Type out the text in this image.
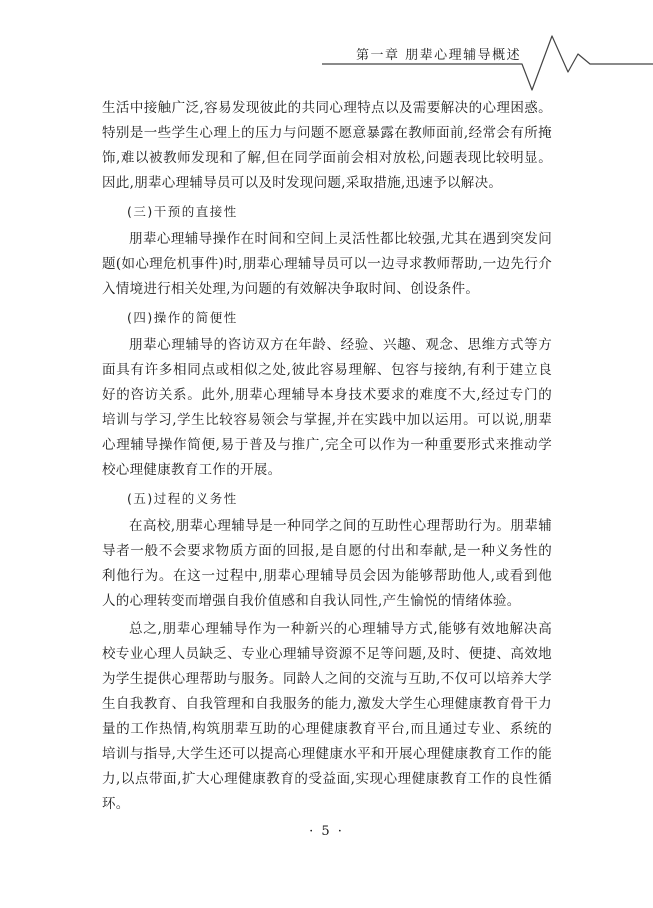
第一章 朋辈心理辅导概述

生活中接触广泛,容易发现彼此的共同心理特点以及需要解决的心理困惑。特别是一些学生心理上的压力与问题不愿意暴露在教师面前,经常会有所掩饰,难以被教师发现和了解,但在同学面前会相对放松,问题表现比较明显。因此,朋辈心理辅导员可以及时发现问题,采取措施,迅速予以解决。

(三)干预的直接性

朋辈心理辅导操作在时间和空间上灵活性都比较强,尤其在遇到突发问题(如心理危机事件)时,朋辈心理辅导员可以一边寻求教师帮助,一边先行介入情境进行相关处理,为问题的有效解决争取时间、创设条件。

(四)操作的简便性

朋辈心理辅导的咨访双方在年龄、经验、兴趣、观念、思维方式等方面具有许多相同点或相似之处,彼此容易理解、包容与接纳,有利于建立良好的咨访关系。此外,朋辈心理辅导本身技术要求的难度不大,经过专门的培训与学习,学生比较容易领会与掌握,并在实践中加以运用。可以说,朋辈心理辅导操作简便,易于普及与推广,完全可以作为一种重要形式来推动学校心理健康教育工作的开展。

(五)过程的义务性

在高校,朋辈心理辅导是一种同学之间的互助性心理帮助行为。朋辈辅导者一般不会要求物质方面的回报,是自愿的付出和奉献,是一种义务性的利他行为。在这一过程中,朋辈心理辅导员会因为能够帮助他人,或看到他人的心理转变而增强自我价值感和自我认同性,产生愉悦的情绪体验。

总之,朋辈心理辅导作为一种新兴的心理辅导方式,能够有效地解决高校专业心理人员缺乏、专业心理辅导资源不足等问题,及时、便捷、高效地为学生提供心理帮助与服务。同龄人之间的交流与互助,不仅可以培养大学生自我教育、自我管理和自我服务的能力,激发大学生心理健康教育骨干力量的工作热情,构筑朋辈互助的心理健康教育平台,而且通过专业、系统的培训与指导,大学生还可以提高心理健康水平和开展心理健康教育工作的能力,以点带面,扩大心理健康教育的受益面,实现心理健康教育工作的良性循环。

· 5 ·
